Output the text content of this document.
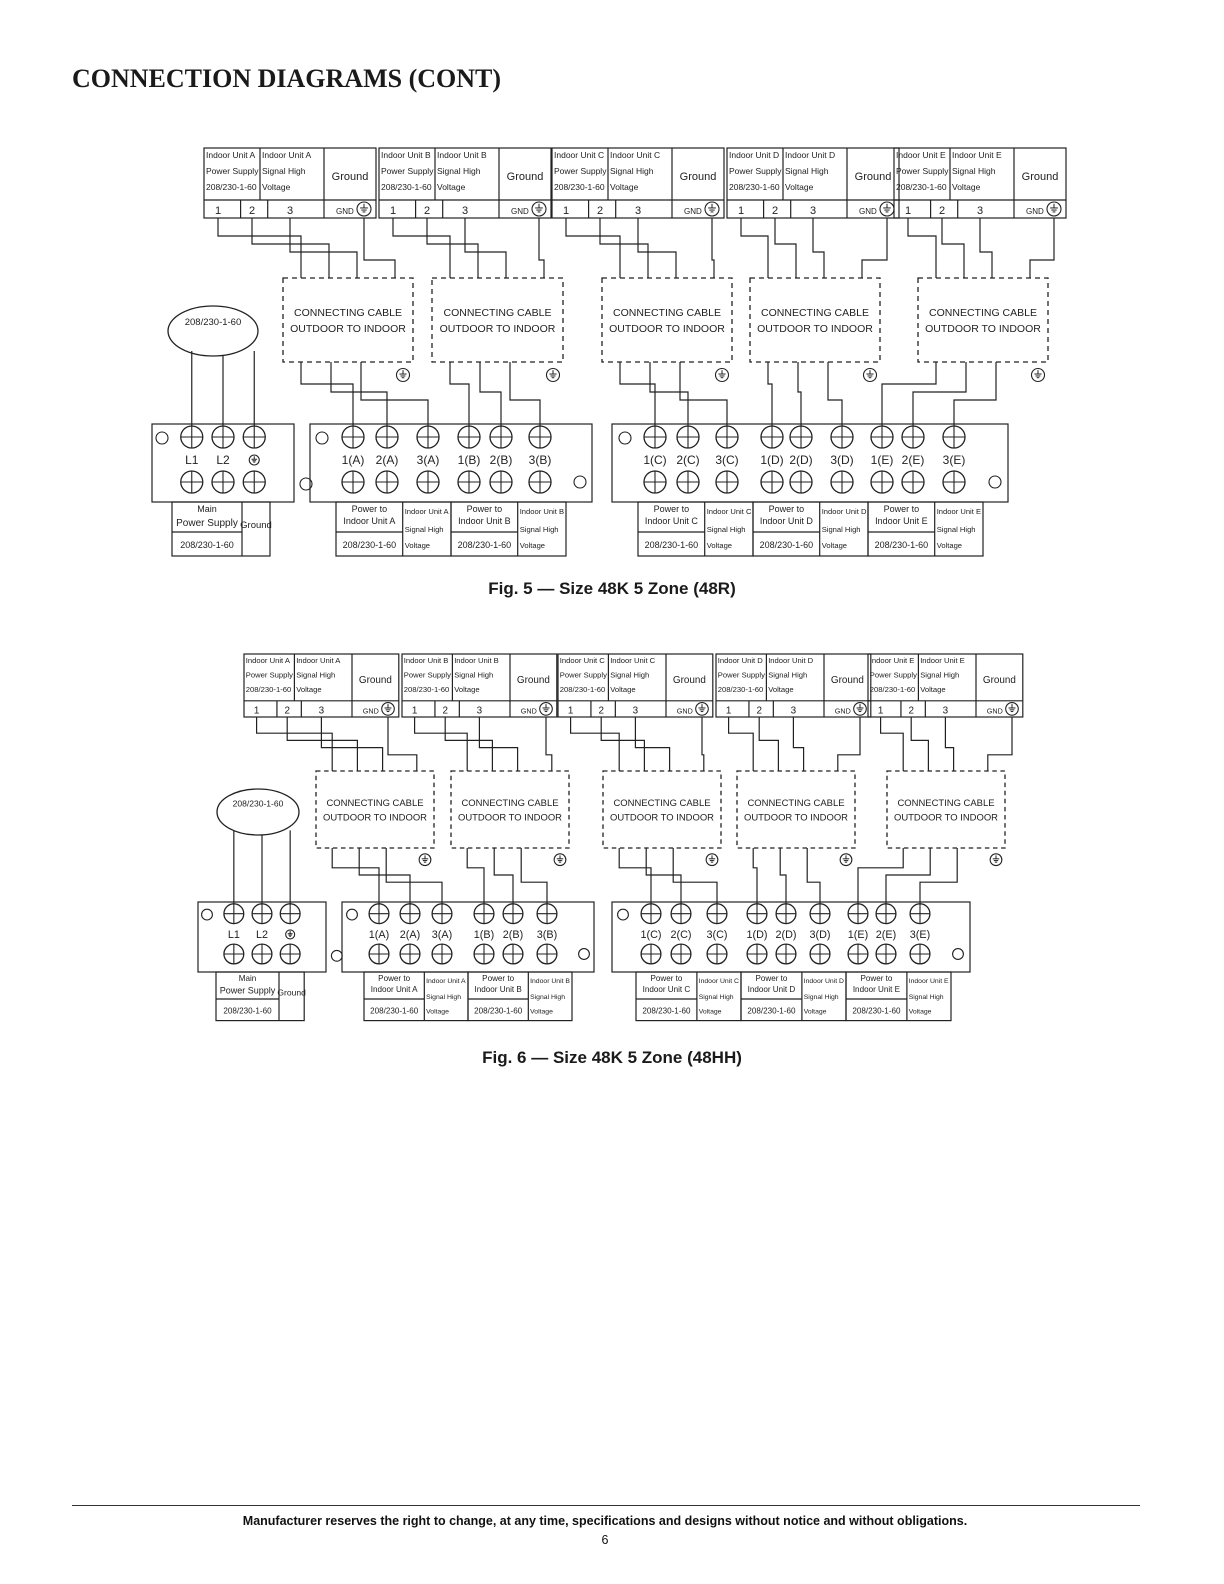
CONNECTION DIAGRAMS (CONT)
Indoor Unit A
Power Supply
208/230-1-60
Indoor Unit A
Signal High
Voltage
Ground
1	2	3	GND
Indoor Unit B
Power Supply
208/230-1-60
Indoor Unit B
Signal High
Voltage
Ground
1	2	3	GND
Indoor Unit C
Power Supply
208/230-1-60
Indoor Unit C
Signal High
Voltage
Ground
1	2	3	GND
Indoor Unit D
Power Supply
208/230-1-60
Indoor Unit D
Signal High
Voltage
Ground
1	2	3	GND
Indoor Unit E
Power Supply
208/230-1-60
Indoor Unit E
Signal High
Voltage
Ground
1	2	3	GND
CONNECTING CABLE
OUTDOOR TO INDOOR
CONNECTING CABLE
OUTDOOR TO INDOOR
CONNECTING CABLE
OUTDOOR TO INDOOR
CONNECTING CABLE
OUTDOOR TO INDOOR
CONNECTING CABLE
OUTDOOR TO INDOOR
208/230-1-60
L1 L2
Main
Power Supply
208/230-1-60
Ground
1(A) 2(A) 3(A) 1(B) 2(B) 3(B)	1(C) 2(C) 3(C) 1(D) 2(D) 3(D) 1(E) 2(E) 3(E)
Power to
Indoor Unit A
208/230-1-60
Indoor Unit A
Signal High
Voltage
Power to
Indoor Unit B
208/230-1-60
Indoor Unit B
Signal High
Voltage
Power to
Indoor Unit C
208/230-1-60
Indoor Unit C
Signal High
Voltage
Power to
Indoor Unit D
208/230-1-60
Indoor Unit D
Signal High
Voltage
Power to
Indoor Unit E
208/230-1-60
Indoor Unit E
Signal High
Voltage

Fig. 5 — Size 48K 5 Zone (48R)

Indoor Unit A
Power Supply
208/230-1-60
Indoor Unit A
Signal High
Voltage
Ground
1	2	3	GND
Indoor Unit B
Power Supply
208/230-1-60
Indoor Unit B
Signal High
Voltage
Ground
1	2	3	GND
Indoor Unit C
Power Supply
208/230-1-60
Indoor Unit C
Signal High
Voltage
Ground
1	2	3	GND
Indoor Unit D
Power Supply
208/230-1-60
Indoor Unit D
Signal High
Voltage
Ground
1	2	3	GND
Indoor Unit E
Power Supply
208/230-1-60
Indoor Unit E
Signal High
Voltage
Ground
1	2	3	GND
CONNECTING CABLE
OUTDOOR TO INDOOR
CONNECTING CABLE
OUTDOOR TO INDOOR
CONNECTING CABLE
OUTDOOR TO INDOOR
CONNECTING CABLE
OUTDOOR TO INDOOR
CONNECTING CABLE
OUTDOOR TO INDOOR
208/230-1-60
L1 L2
Main
Power Supply
208/230-1-60
Ground
1(A) 2(A) 3(A) 1(B) 2(B) 3(B)	1(C) 2(C) 3(C) 1(D) 2(D) 3(D) 1(E) 2(E) 3(E)
Power to
Indoor Unit A
208/230-1-60
Indoor Unit A
Signal High
Voltage
Power to
Indoor Unit B
208/230-1-60
Indoor Unit B
Signal High
Voltage
Power to
Indoor Unit C
208/230-1-60
Indoor Unit C
Signal High
Voltage
Power to
Indoor Unit D
208/230-1-60
Indoor Unit D
Signal High
Voltage
Power to
Indoor Unit E
208/230-1-60
Indoor Unit E
Signal High
Voltage

Fig. 6 — Size 48K 5 Zone (48HH)

Manufacturer reserves the right to change, at any time, specifications and designs without notice and without obligations.

6
